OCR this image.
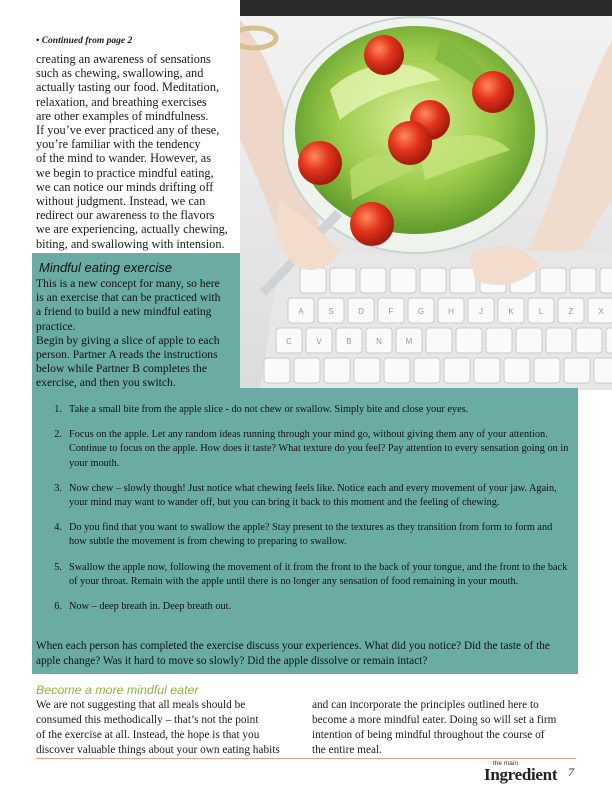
A	S	D	F	G	H	J	K	L	Z	X
C	V	B	N	M
• Continued from page 2

creating an awareness of sensations

such as chewing, swallowing, and

actually tasting our food. Meditation,

relaxation, and breathing exercises

are other examples of mindfulness.

If you’ve ever practiced any of these,

you’re familiar with the tendency

of the mind to wander. However, as

we begin to practice mindful eating,

we can notice our minds drifting off

without judgment. Instead, we can

redirect our awareness to the flavors

we are experiencing, actually chewing,

biting, and swallowing with intension.

Mindful eating exercise

This is a new concept for many, so here

is an exercise that can be practiced with

a friend to build a new mindful eating

practice.

Begin by giving a slice of apple to each

person. Partner A reads the instructions

below while Partner B completes the

exercise, and then you switch.

1. Take a small bite from the apple slice - do not chew or swallow. Simply bite and close your eyes.
2. Focus on the apple. Let any random ideas running through your mind go, without giving them any of your attention. Continue to focus on the apple. How does it taste? What texture do you feel? Pay attention to every sensation going on in your mouth.
3. Now chew – slowly though! Just notice what chewing feels like. Notice each and every movement of your jaw. Again, your mind may want to wander off, but you can bring it back to this moment and the feeling of chewing.
4. Do you find that you want to swallow the apple? Stay present to the textures as they transition from form to form and how subtle the movement is from chewing to preparing to swallow.
5. Swallow the apple now, following the movement of it from the front to the back of your tongue, and the front to the back of your throat. Remain with the apple until there is no longer any sensation of food remaining in your mouth.
6. Now – deep breath in. Deep breath out.

When each person has completed the exercise discuss your experiences. What did you notice? Did the taste of the apple change? Was it hard to move so slowly? Did the apple dissolve or remain intact?

Become a more mindful eater
We are not suggesting that all meals should be
consumed this methodically – that’s not the point
of the exercise at all. Instead, the hope is that you
discover valuable things about your own eating habits
and can incorporate the principles outlined here to
become a more mindful eater. Doing so will set a firm
intention of being mindful throughout the course of
the entire meal.
the main
Ingredient 7
